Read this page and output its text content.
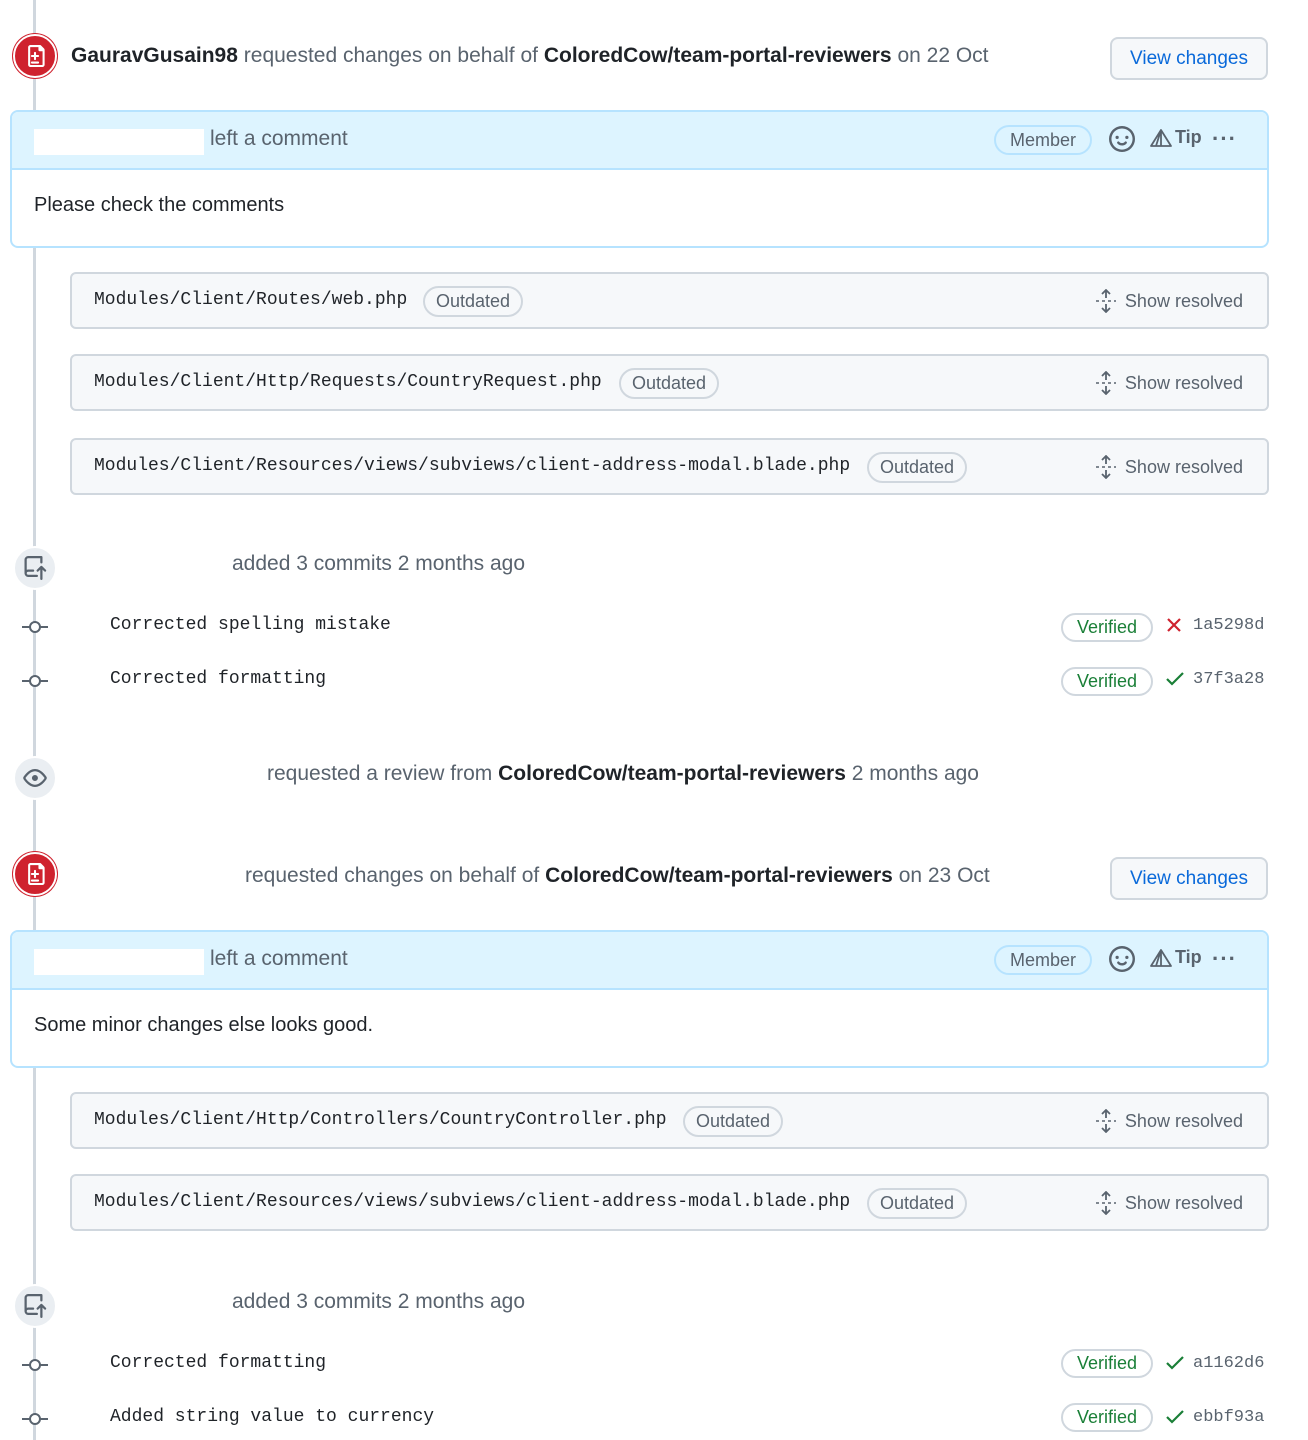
GauravGusain98 requested changes on behalf of ColoredCow/team-portal-reviewers on 22 Oct	View changes
left a comment	Member	Tip ···
Please check the comments
Modules/Client/Routes/web.php	Outdated	Show resolved
Modules/Client/Http/Requests/CountryRequest.php	Outdated	Show resolved
Modules/Client/Resources/views/subviews/client-address-modal.blade.php	Outdated	Show resolved
added 3 commits 2 months ago
Corrected spelling mistake	Verified	1a5298d
Corrected formatting	Verified	37f3a28
requested a review from ColoredCow/team-portal-reviewers 2 months ago
requested changes on behalf of ColoredCow/team-portal-reviewers on 23 Oct	View changes
left a comment	Member	Tip ···
Some minor changes else looks good.
Modules/Client/Http/Controllers/CountryController.php	Outdated	Show resolved
Modules/Client/Resources/views/subviews/client-address-modal.blade.php	Outdated	Show resolved
added 3 commits 2 months ago
Corrected formatting	Verified	a1162d6
Added string value to currency	Verified	ebbf93a
